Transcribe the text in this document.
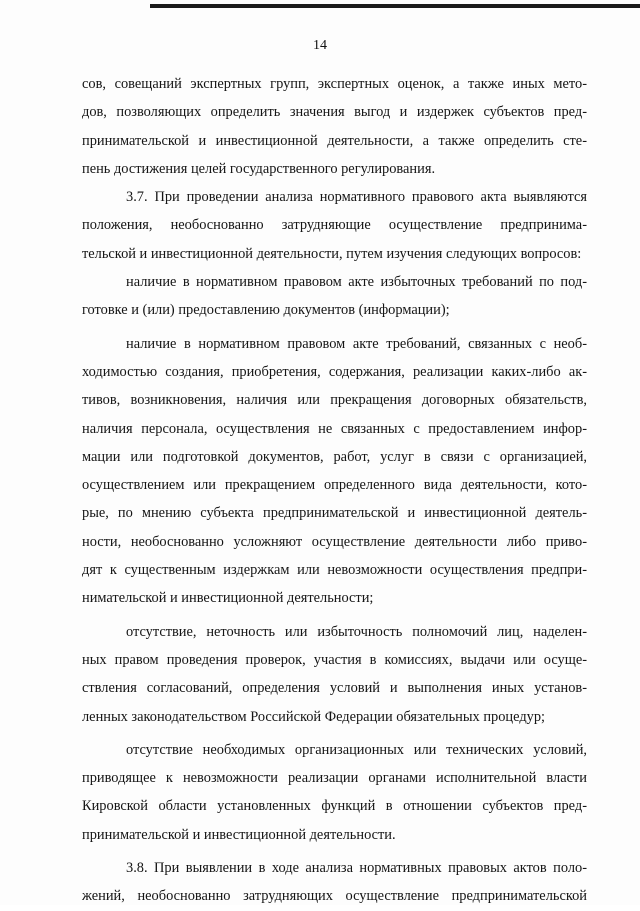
14
сов, совещаний экспертных групп, экспертных оценок, а также иных мето-
дов, позволяющих определить значения выгод и издержек субъектов пред-
принимательской и инвестиционной деятельности, а также определить сте-
пень достижения целей государственного регулирования.
3.7. При проведении анализа нормативного правового акта выявляются
положения, необоснованно затрудняющие осуществление предпринима-
тельской и инвестиционной деятельности, путем изучения следующих вопросов:
наличие в нормативном правовом акте избыточных требований по под-
готовке и (или) предоставлению документов (информации);
наличие в нормативном правовом акте требований, связанных с необ-
ходимостью создания, приобретения, содержания, реализации каких-либо ак-
тивов, возникновения, наличия или прекращения договорных обязательств,
наличия персонала, осуществления не связанных с предоставлением инфор-
мации или подготовкой документов, работ, услуг в связи с организацией,
осуществлением или прекращением определенного вида деятельности, кото-
рые, по мнению субъекта предпринимательской и инвестиционной деятель-
ности, необоснованно усложняют осуществление деятельности либо приво-
дят к существенным издержкам или невозможности осуществления предпри-
нимательской и инвестиционной деятельности;
отсутствие, неточность или избыточность полномочий лиц, наделен-
ных правом проведения проверок, участия в комиссиях, выдачи или осуще-
ствления согласований, определения условий и выполнения иных установ-
ленных законодательством Российской Федерации обязательных процедур;
отсутствие необходимых организационных или технических условий,
приводящее к невозможности реализации органами исполнительной власти
Кировской области установленных функций в отношении субъектов пред-
принимательской и инвестиционной деятельности.
3.8. При выявлении в ходе анализа нормативных правовых актов поло-
жений, необоснованно затрудняющих осуществление предпринимательской
